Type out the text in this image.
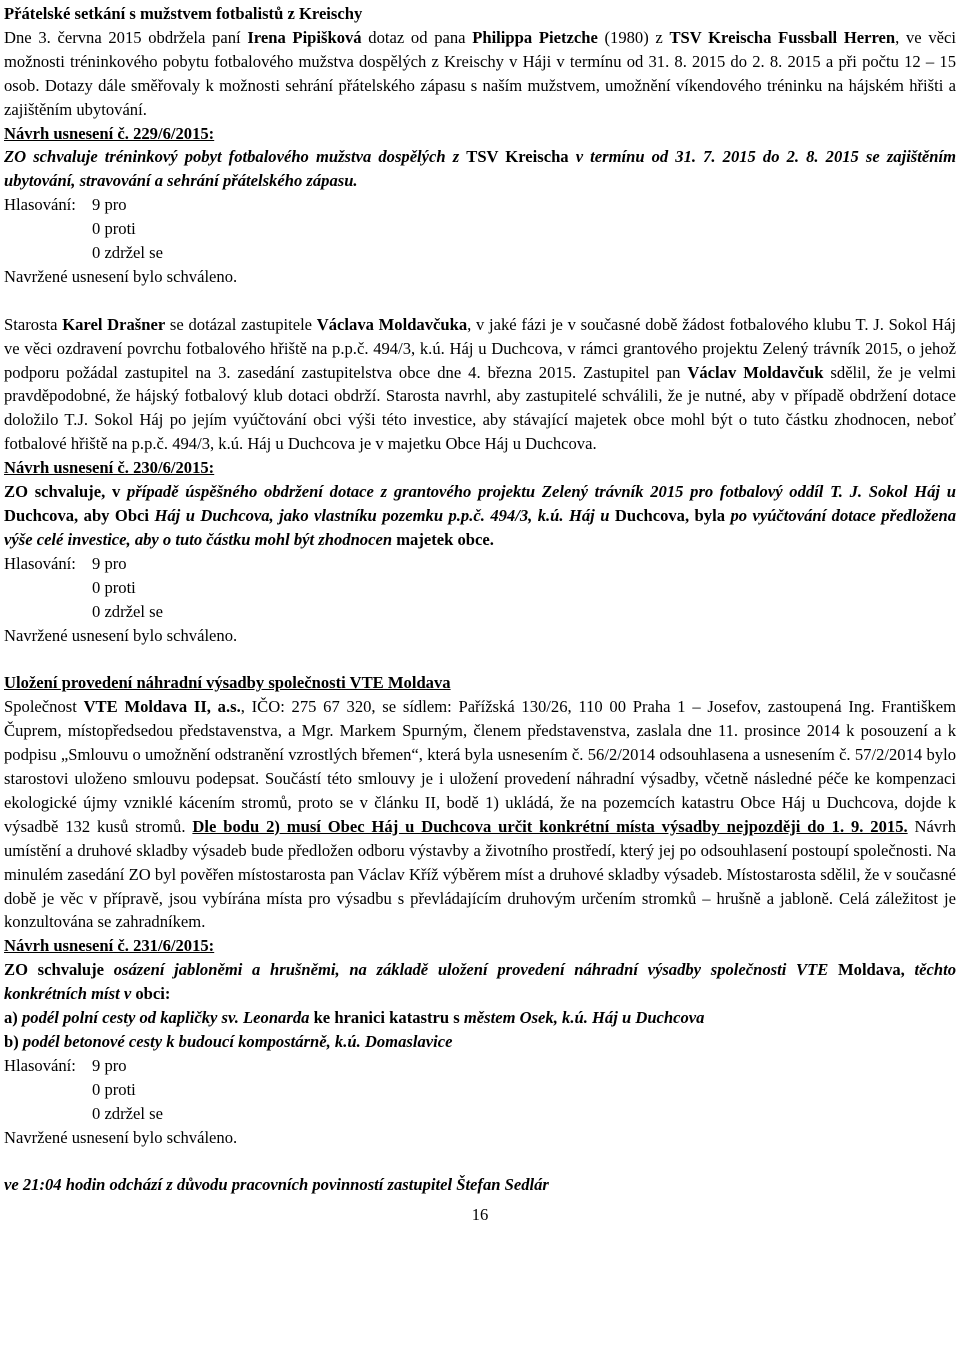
Přátelské setkání s mužstvem fotbalistů z Kreischy

Dne 3. června 2015 obdržela paní Irena Pipišková dotaz od pana Philippa Pietzche (1980) z TSV Kreischa Fussball Herren, ve věci možnosti tréninkového pobytu fotbalového mužstva dospělých z Kreischy v Háji v termínu od 31. 8. 2015 do 2. 8. 2015 a při počtu 12 – 15 osob. Dotazy dále směřovaly k možnosti sehrání přátelského zápasu s naším mužstvem, umožnění víkendového tréninku na hájském hřišti a zajištěním ubytování.

Návrh usnesení č. 229/6/2015:

ZO schvaluje tréninkový pobyt fotbalového mužstva dospělých z TSV Kreischa v termínu od 31. 7. 2015 do 2. 8. 2015 se zajištěním ubytování, stravování a sehrání přátelského zápasu.

Hlasování: 9 pro

0 proti

0 zdržel se

Navržené usnesení bylo schváleno.

Starosta Karel Drašner se dotázal zastupitele Václava Moldavčuka, v jaké fázi je v současné době žádost fotbalového klubu T. J. Sokol Háj ve věci ozdravení povrchu fotbalového hřiště na p.p.č. 494/3, k.ú. Háj u Duchcova, v rámci grantového projektu Zelený trávník 2015, o jehož podporu požádal zastupitel na 3. zasedání zastupitelstva obce dne 4. března 2015. Zastupitel pan Václav Moldavčuk sdělil, že je velmi pravděpodobné, že hájský fotbalový klub dotaci obdrží. Starosta navrhl, aby zastupitelé schválili, že je nutné, aby v případě obdržení dotace doložilo T.J. Sokol Háj po jejím vyúčtování obci výši této investice, aby stávající majetek obce mohl být o tuto částku zhodnocen, neboť fotbalové hřiště na p.p.č. 494/3, k.ú. Háj u Duchcova je v majetku Obce Háj u Duchcova.

Návrh usnesení č. 230/6/2015:

ZO schvaluje, v případě úspěšného obdržení dotace z grantového projektu Zelený trávník 2015 pro fotbalový oddíl T. J. Sokol Háj u Duchcova, aby Obci Háj u Duchcova, jako vlastníku pozemku p.p.č. 494/3, k.ú. Háj u Duchcova, byla po vyúčtování dotace předložena výše celé investice, aby o tuto částku mohl být zhodnocen majetek obce.

Hlasování: 9 pro

0 proti

0 zdržel se

Navržené usnesení bylo schváleno.

Uložení provedení náhradní výsadby společnosti VTE Moldava

Společnost VTE Moldava II, a.s., IČO: 275 67 320, se sídlem: Pařížská 130/26, 110 00 Praha 1 – Josefov, zastoupená Ing. Františkem Čuprem, místopředsedou představenstva, a Mgr. Markem Spurným, členem představenstva, zaslala dne 11. prosince 2014 k posouzení a k podpisu „Smlouvu o umožnění odstranění vzrostlých břemen“, která byla usnesením č. 56/2/2014 odsouhlasena a usnesením č. 57/2/2014 bylo starostovi uloženo smlouvu podepsat. Součástí této smlouvy je i uložení provedení náhradní výsadby, včetně následné péče ke kompenzaci ekologické újmy vzniklé kácením stromů, proto se v článku II, bodě 1) ukládá, že na pozemcích katastru Obce Háj u Duchcova, dojde k výsadbě 132 kusů stromů. Dle bodu 2) musí Obec Háj u Duchcova určit konkrétní místa výsadby nejpozději do 1. 9. 2015. Návrh umístění a druhové skladby výsadeb bude předložen odboru výstavby a životního prostředí, který jej po odsouhlasení postoupí společnosti. Na minulém zasedání ZO byl pověřen místostarosta pan Václav Kříž výběrem míst a druhové skladby výsadeb. Místostarosta sdělil, že v současné době je věc v přípravě, jsou vybírána místa pro výsadbu s převládajícím druhovým určením stromků – hrušně a jabloně. Celá záležitost je konzultována se zahradníkem.

Návrh usnesení č. 231/6/2015:

ZO schvaluje osázení jabloněmi a hrušněmi, na základě uložení provedení náhradní výsadby společnosti VTE Moldava, těchto konkrétních míst v obci:

a) podél polní cesty od kapličky sv. Leonarda ke hranici katastru s městem Osek, k.ú. Háj u Duchcova

b) podél betonové cesty k budoucí kompostárně, k.ú. Domaslavice

Hlasování: 9 pro

0 proti

0 zdržel se

Navržené usnesení bylo schváleno.

ve 21:04 hodin odchází z důvodu pracovních povinností zastupitel Štefan Sedlár

16
